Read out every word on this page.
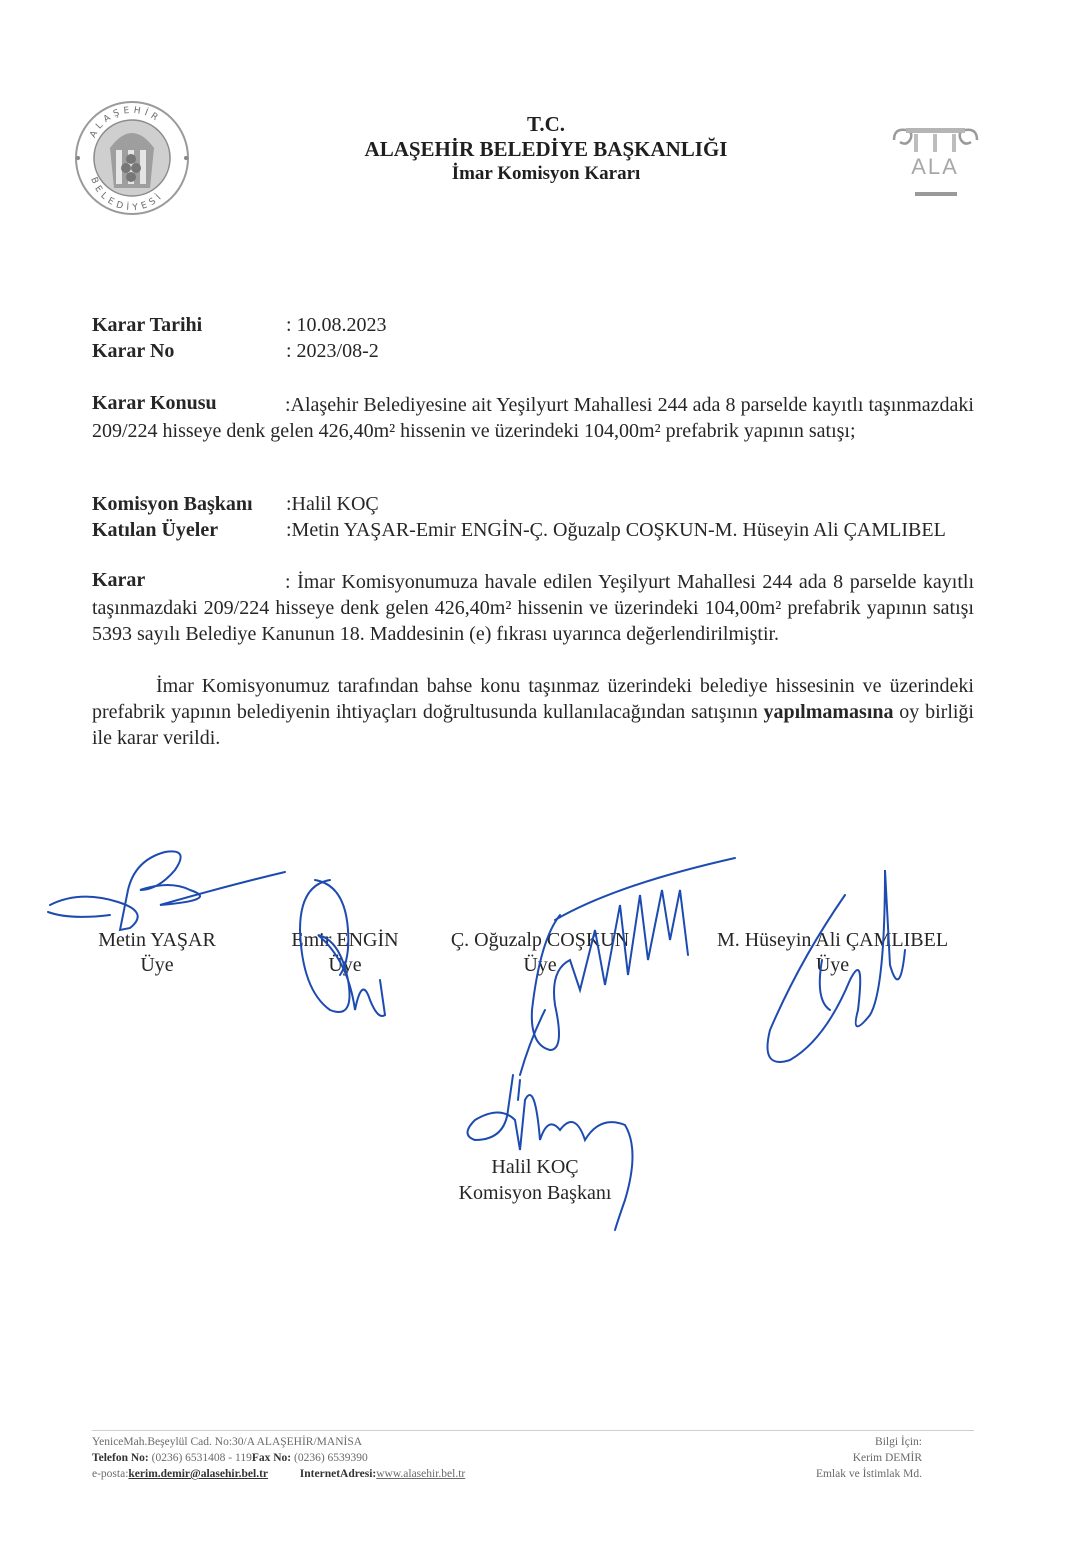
ALAŞEHİR
BELEDİYESİ
ALA
T.C.
ALAŞEHİR BELEDİYE BAŞKANLIĞI
İmar Komisyon Kararı
Karar Tarihi	: 10.08.2023
Karar No	: 2023/08-2
Karar Konusu	:Alaşehir Belediyesine ait Yeşilyurt Mahallesi 244 ada 8 parselde kayıtlı taşınmazdaki 209/224 hisseye denk gelen 426,40m² hissenin ve üzerindeki 104,00m² prefabrik yapının satışı;
Komisyon Başkanı :Halil KOÇ
Katılan Üyeler	:Metin YAŞAR-Emir ENGİN-Ç. Oğuzalp COŞKUN-M. Hüseyin Ali ÇAMLIBEL
Karar	: İmar Komisyonumuza havale edilen Yeşilyurt Mahallesi 244 ada 8 parselde kayıtlı taşınmazdaki 209/224 hisseye denk gelen 426,40m² hissenin ve üzerindeki 104,00m² prefabrik yapının satışı 5393 sayılı Belediye Kanunun 18. Maddesinin (e) fıkrası uyarınca değerlendirilmiştir.
İmar Komisyonumuz tarafından bahse konu taşınmaz üzerindeki belediye hissesinin ve üzerindeki prefabrik yapının belediyenin ihtiyaçları doğrultusunda kullanılacağından satışının yapılmamasına oy birliği ile karar verildi.
Metin YAŞAR
Üye
Emir ENGİN
Üye
Ç. Oğuzalp COŞKUN
Üye
M. Hüseyin Ali ÇAMLIBEL
Üye
Halil KOÇ
Komisyon Başkanı
YeniceMah.Beşeylül Cad. No:30/A ALAŞEHİR/MANİSA
Telefon No: (0236) 6531408 - 119Fax No: (0236) 6539390
e-posta:kerim.demir@alasehir.bel.tr	InternetAdresi:www.alasehir.bel.tr
Bilgi İçin:
Kerim DEMİR
Emlak ve İstimlak Md.
